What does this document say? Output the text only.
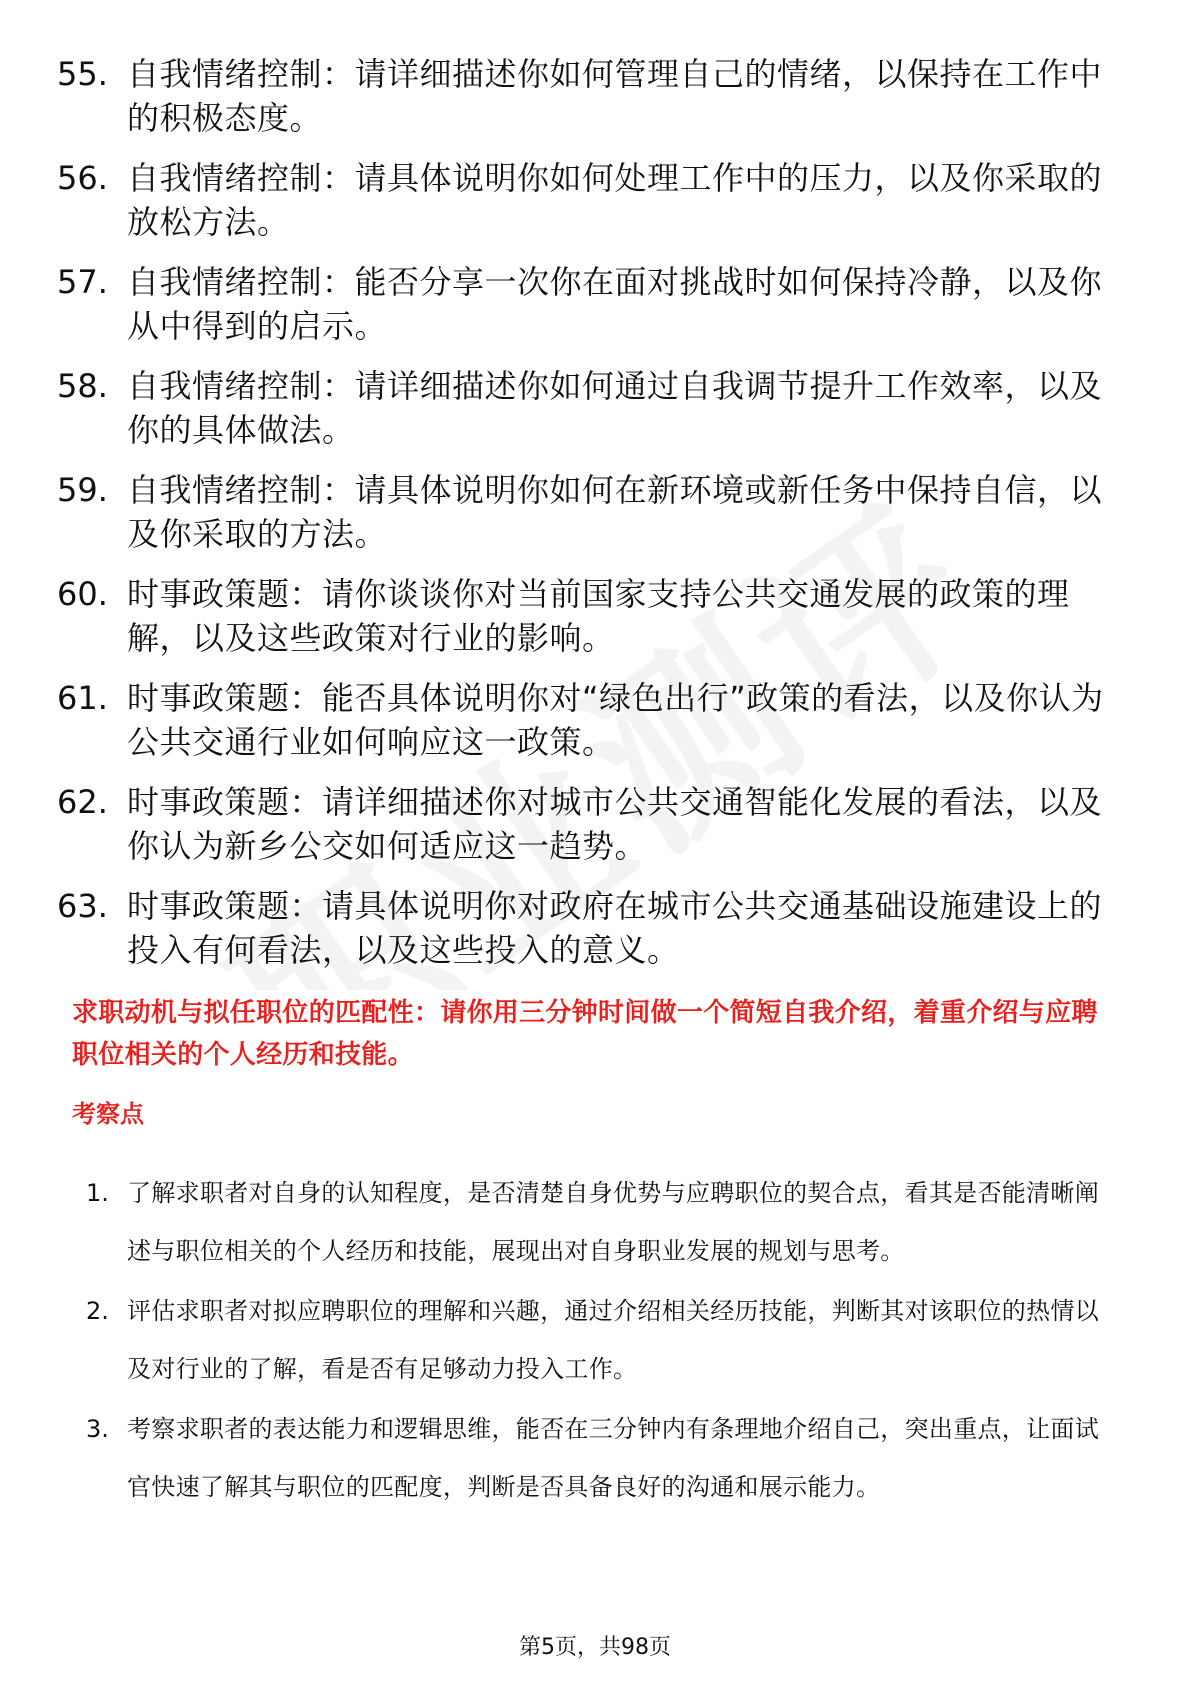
55. 自我情绪控制：请详细描述你如何管理自己的情绪，以保持在工作中的积极态度。
56. 自我情绪控制：请具体说明你如何处理工作中的压力，以及你采取的放松方法。
57. 自我情绪控制：能否分享一次你在面对挑战时如何保持冷静，以及你从中得到的启示。
58. 自我情绪控制：请详细描述你如何通过自我调节提升工作效率，以及你的具体做法。
59. 自我情绪控制：请具体说明你如何在新环境或新任务中保持自信，以及你采取的方法。
60. 时事政策题：请你谈谈你对当前国家支持公共交通发展的政策的理解，以及这些政策对行业的影响。
61. 时事政策题：能否具体说明你对“绿色出行”政策的看法，以及你认为公共交通行业如何响应这一政策。
62. 时事政策题：请详细描述你对城市公共交通智能化发展的看法，以及你认为新乡公交如何适应这一趋势。
63. 时事政策题：请具体说明你对政府在城市公共交通基础设施建设上的投入有何看法，以及这些投入的意义。
求职动机与拟任职位的匹配性：请你用三分钟时间做一个简短自我介绍，着重介绍与应聘职位相关的个人经历和技能。
考察点
1. 了解求职者对自身的认知程度，是否清楚自身优势与应聘职位的契合点，看其是否能清晰阐述与职位相关的个人经历和技能，展现出对自身职业发展的规划与思考。
2. 评估求职者对拟应聘职位的理解和兴趣，通过介绍相关经历技能，判断其对该职位的热情以及对行业的了解，看是否有足够动力投入工作。
3. 考察求职者的表达能力和逻辑思维，能否在三分钟内有条理地介绍自己，突出重点，让面试官快速了解其与职位的匹配度，判断是否具备良好的沟通和展示能力。
第5页，共98页
